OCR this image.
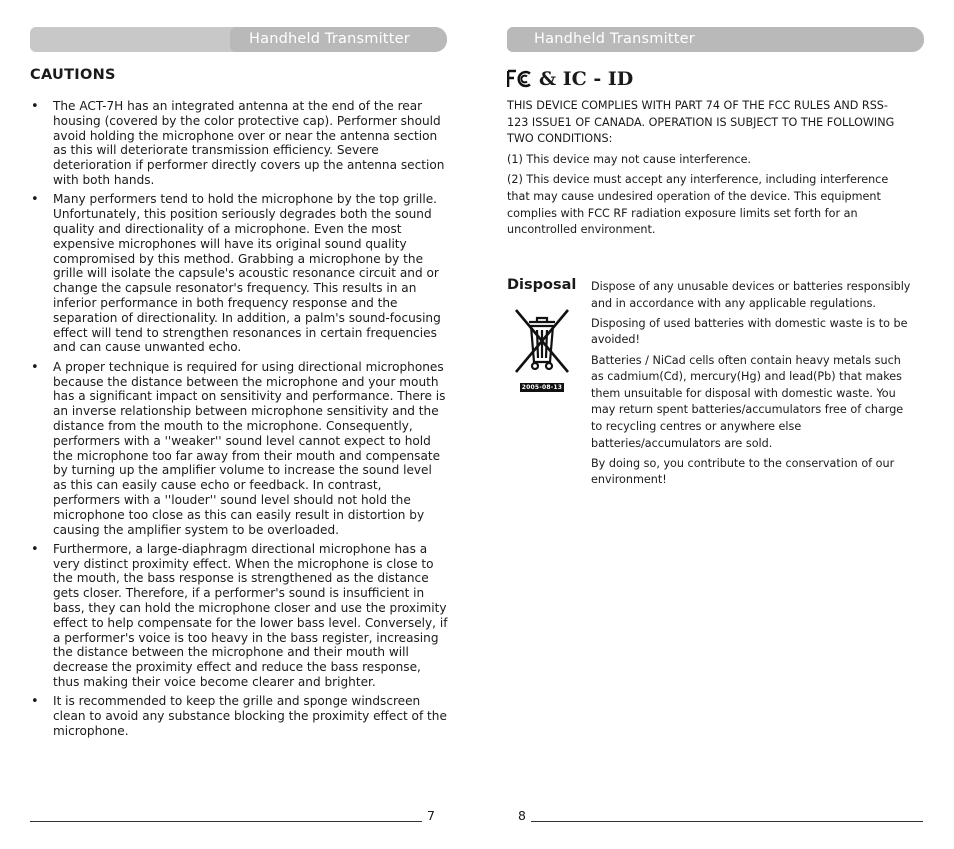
Handheld Transmitter
CAUTIONS
• The ACT-7H has an integrated antenna at the end of the rear housing (covered by the color protective cap). Performer should avoid holding the microphone over or near the antenna section as this will deteriorate transmission efficiency. Severe deterioration if performer directly covers up the antenna section with both hands.
• Many performers tend to hold the microphone by the top grille. Unfortunately, this position seriously degrades both the sound quality and directionality of a microphone. Even the most expensive microphones will have its original sound quality compromised by this method. Grabbing a microphone by the grille will isolate the capsule's acoustic resonance circuit and or change the capsule resonator's frequency. This results in an inferior performance in both frequency response and the separation of directionality. In addition, a palm's sound-focusing effect will tend to strengthen resonances in certain frequencies and can cause unwanted echo.
• A proper technique is required for using directional microphones because the distance between the microphone and your mouth has a significant impact on sensitivity and performance. There is an inverse relationship between microphone sensitivity and the distance from the mouth to the microphone. Consequently, performers with a ''weaker'' sound level cannot expect to hold the microphone too far away from their mouth and compensate by turning up the amplifier volume to increase the sound level as this can easily cause echo or feedback. In contrast, performers with a ''louder'' sound level should not hold the microphone too close as this can easily result in distortion by causing the amplifier system to be overloaded.
• Furthermore, a large-diaphragm directional microphone has a very distinct proximity effect. When the microphone is close to the mouth, the bass response is strengthened as the distance gets closer. Therefore, if a performer's sound is insufficient in bass, they can hold the microphone closer and use the proximity effect to help compensate for the lower bass level. Conversely, if a performer's voice is too heavy in the bass register, increasing the distance between the microphone and their mouth will decrease the proximity effect and reduce the bass response, thus making their voice become clearer and brighter.
• It is recommended to keep the grille and sponge windscreen clean to avoid any substance blocking the proximity effect of the microphone.
7
Handheld Transmitter
& IC - ID

THIS DEVICE COMPLIES WITH PART 74 OF THE FCC RULES AND RSS-123 ISSUE1 OF CANADA. OPERATION IS SUBJECT TO THE FOLLOWING TWO CONDITIONS:

(1) This device may not cause interference.

(2) This device must accept any interference, including interference that may cause undesired operation of the device. This equipment complies with FCC RF radiation exposure limits set forth for an uncontrolled environment.

Disposal
2005-08-13

Dispose of any unusable devices or batteries responsibly and in accordance with any applicable regulations.

Disposing of used batteries with domestic waste is to be avoided!

Batteries / NiCad cells often contain heavy metals such as cadmium(Cd), mercury(Hg) and lead(Pb) that makes them unsuitable for disposal with domestic waste. You may return spent batteries/accumulators free of charge to recycling centres or anywhere else batteries/accumulators are sold.

By doing so, you contribute to the conservation of our environment!

8
